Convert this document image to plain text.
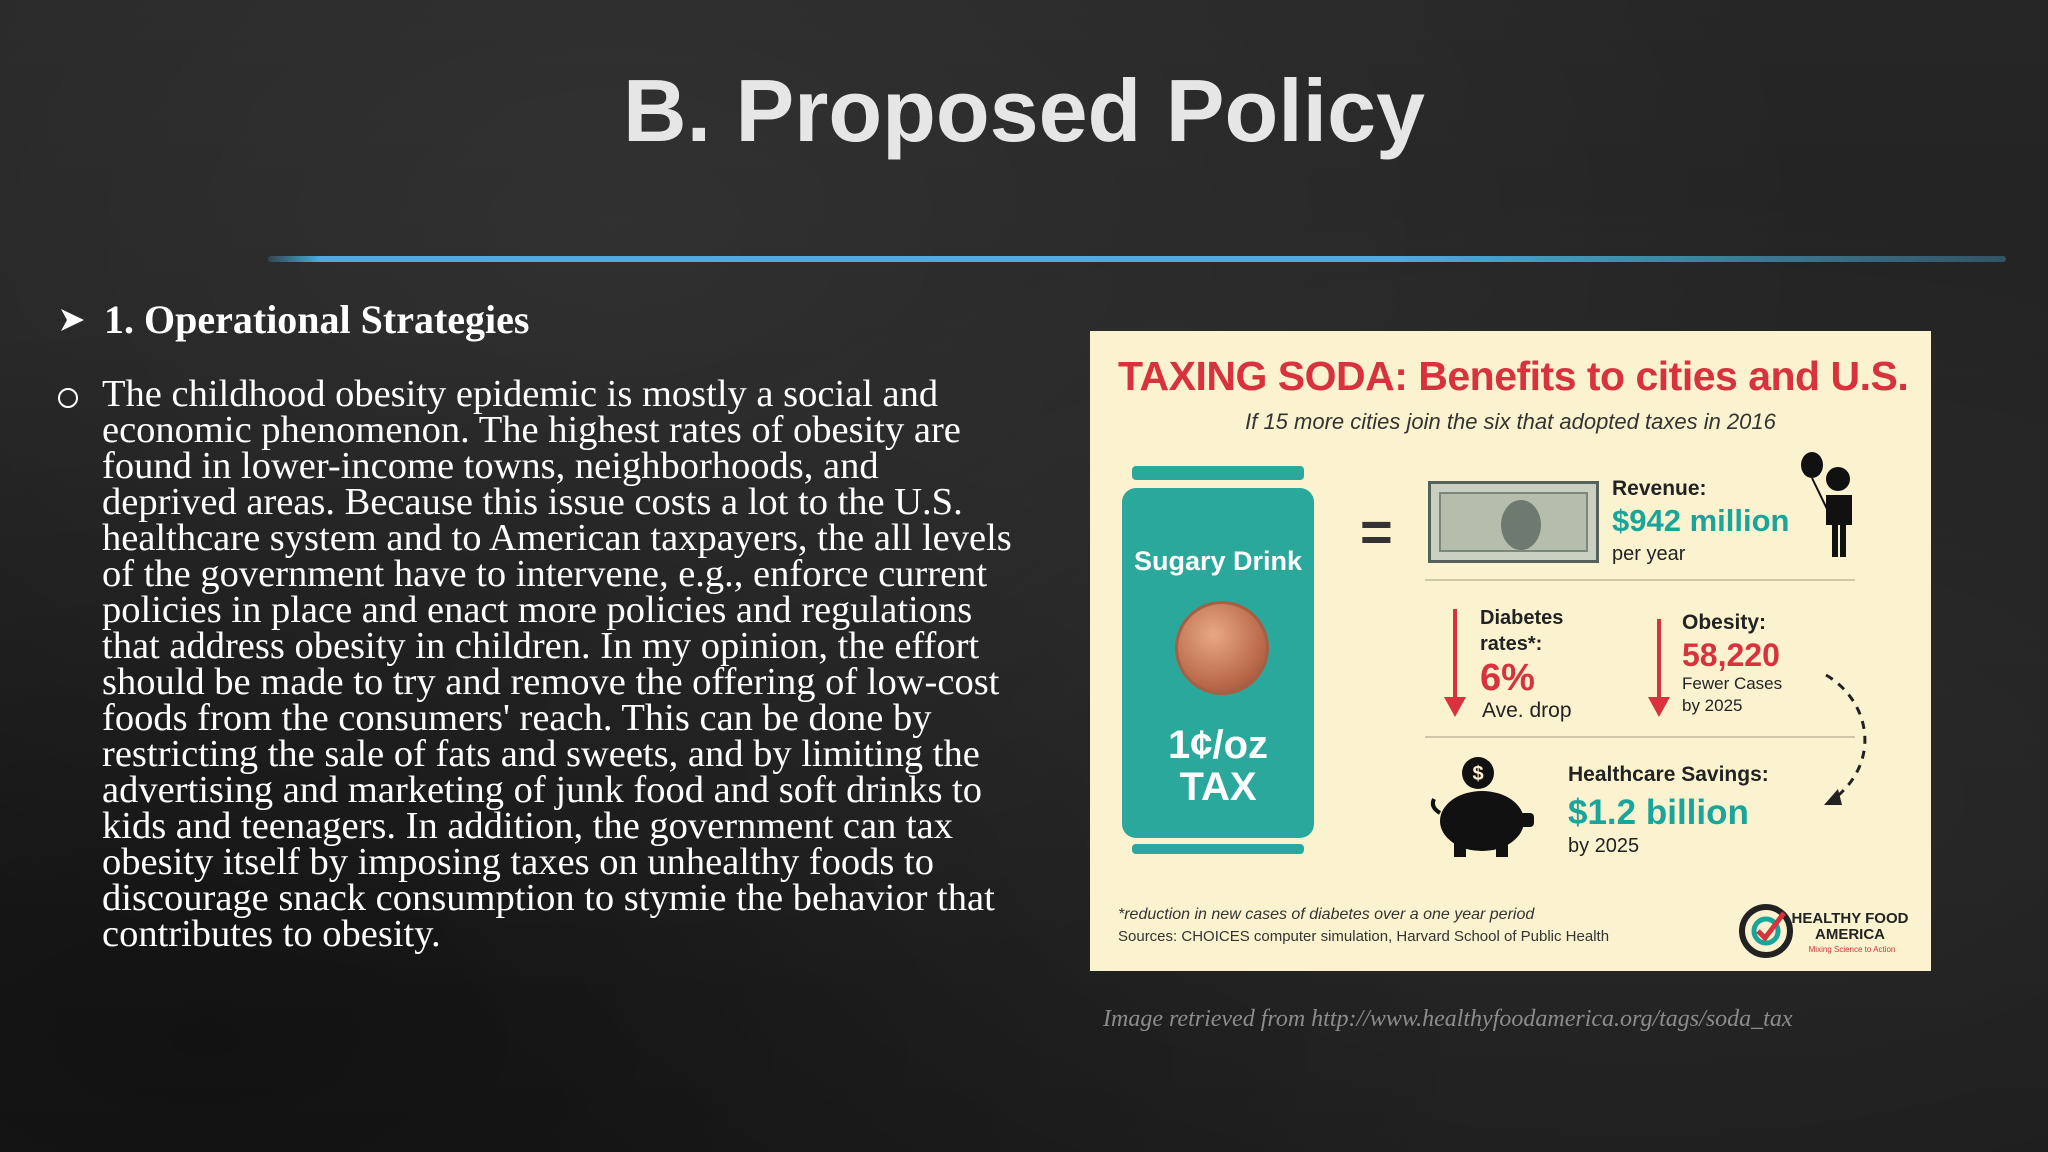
B. Proposed Policy
1. Operational Strategies
The childhood obesity epidemic is mostly a social and economic phenomenon. The highest rates of obesity are found in lower-income towns, neighborhoods, and deprived areas. Because this issue costs a lot to the U.S. healthcare system and to American taxpayers, the all levels of the government have to intervene, e.g., enforce current policies in place and enact more policies and regulations that address obesity in children. In my opinion, the effort should be made to try and remove the offering of low-cost foods from the consumers' reach. This can be done by restricting the sale of fats and sweets, and by limiting the advertising and marketing of junk food and soft drinks to kids and teenagers. In addition, the government can tax obesity itself by imposing taxes on unhealthy foods to discourage snack consumption to stymie the behavior that contributes to obesity.
TAXING SODA: Benefits to cities and U.S.
If 15 more cities join the six that adopted taxes in 2016
Sugary Drink
1¢/oz
TAX
=
Revenue:
$942 million
per year
Diabetes
rates*:
6%
Ave. drop
Obesity:
58,220
Fewer Cases
by 2025
$	Healthcare Savings:
$1.2 billion
by 2025
*reduction in new cases of diabetes over a one year period
Sources: CHOICES computer simulation, Harvard School of Public Health
HEALTHY FOOD
AMERICA
Mixing Science to Action
Image retrieved from http://www.healthyfoodamerica.org/tags/soda_tax
